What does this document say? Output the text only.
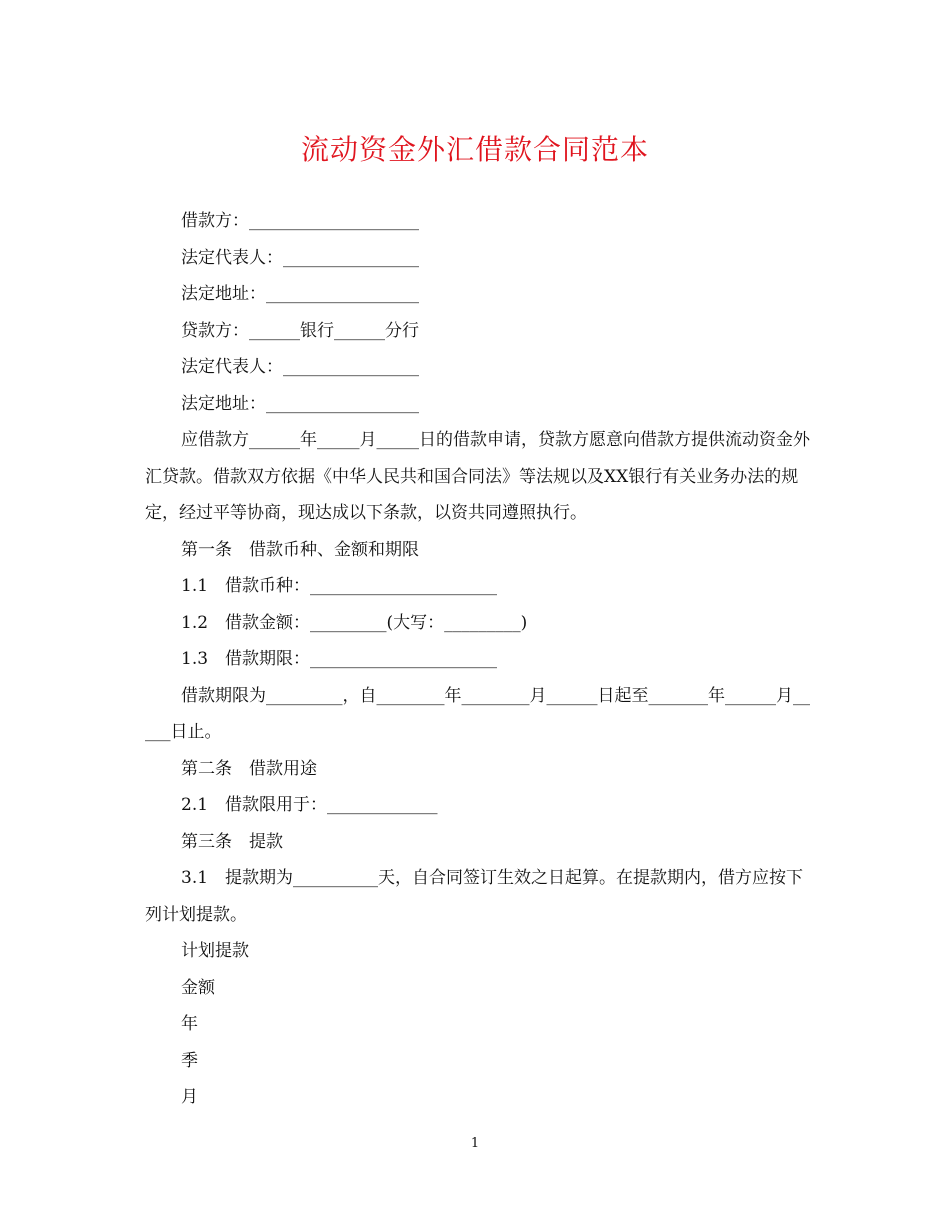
流动资金外汇借款合同范本

借款方：____________________

法定代表人：________________

法定地址：__________________

贷款方：______银行______分行

法定代表人：________________

法定地址：__________________

应借款方______年_____月_____日的借款申请，贷款方愿意向借款方提供流动资金外汇贷款。借款双方依据《中华人民共和国合同法》等法规以及XX银行有关业务办法的规定，经过平等协商，现达成以下条款，以资共同遵照执行。

第一条　借款币种、金额和期限

1.1　借款币种：______________________

1.2　借款金额：_________(大写：_________)

1.3　借款期限：______________________

借款期限为_________，自________年________月______日起至_______年______月_____日止。

第二条　借款用途

2.1　借款限用于：_____________

第三条　提款

3.1　提款期为__________天，自合同签订生效之日起算。在提款期内，借方应按下列计划提款。

计划提款

金额

年

季

月

1
